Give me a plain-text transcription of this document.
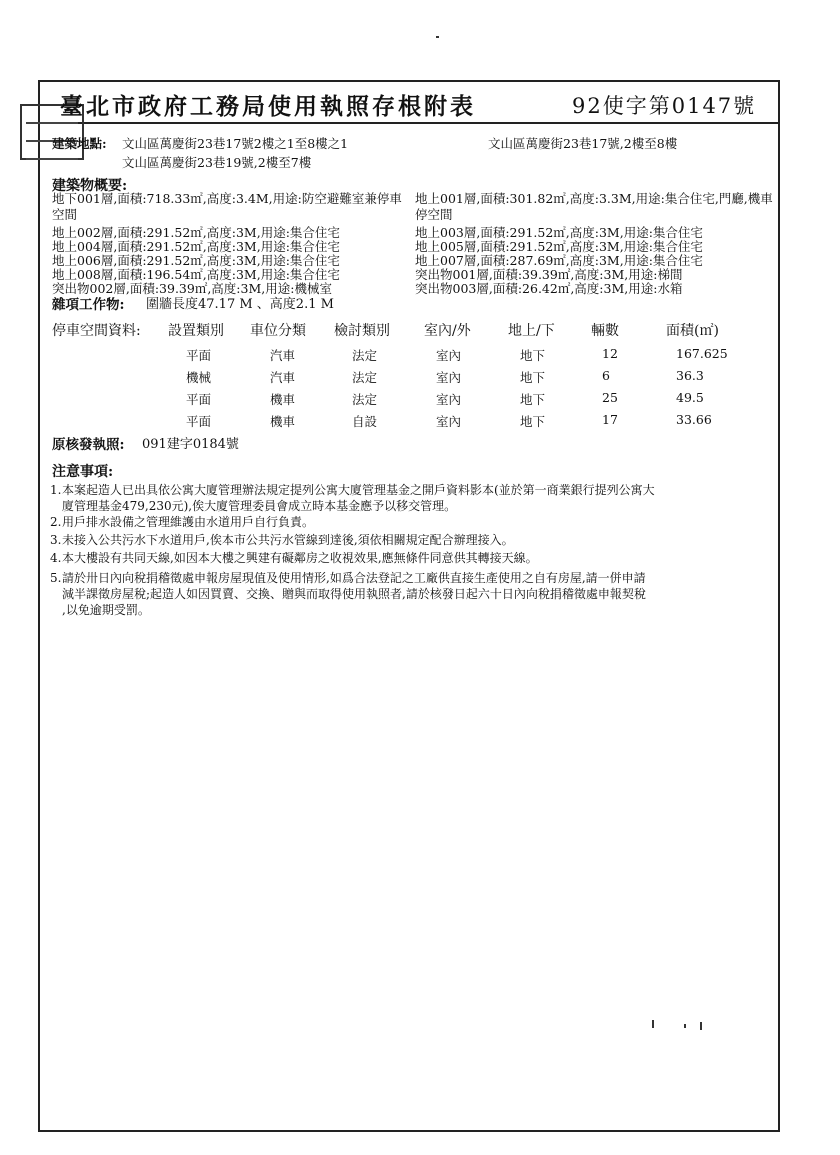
臺北市政府工務局使用執照存根附表	92使字第0147號
建築地點: 文山區萬慶街23巷17號2樓之1至8樓之1
文山區萬慶街23巷19號,2樓至7樓
文山區萬慶街23巷17號,2樓至8樓
建築物概要:
地下001層,面積:718.33㎡,高度:3.4M,用途:防空避難室兼停車
空間
地上002層,面積:291.52㎡,高度:3M,用途:集合住宅
地上004層,面積:291.52㎡,高度:3M,用途:集合住宅
地上006層,面積:291.52㎡,高度:3M,用途:集合住宅
地上008層,面積:196.54㎡,高度:3M,用途:集合住宅
突出物002層,面積:39.39㎡,高度:3M,用途:機械室
地上001層,面積:301.82㎡,高度:3.3M,用途:集合住宅,門廳,機車
停空間
地上003層,面積:291.52㎡,高度:3M,用途:集合住宅
地上005層,面積:291.52㎡,高度:3M,用途:集合住宅
地上007層,面積:287.69㎡,高度:3M,用途:集合住宅
突出物001層,面積:39.39㎡,高度:3M,用途:梯間
突出物003層,面積:26.42㎡,高度:3M,用途:水箱
雜項工作物: 圍牆長度47.17 M 、高度2.1 M
停車空間資料: 設置類別 車位分類 檢討類別 室內/外	地上/下	輛數	面積(㎡)
平面	汽車	法定	室內	地下	12	167.625
機械	汽車	法定	室內	地下	6	36.3
平面	機車	法定	室內	地下	25	49.5
平面	機車	自設	室內	地下	17	33.66
原核發執照: 091建字0184號
注意事項:
1. 本案起造人已出具依公寓大廈管理辦法規定提列公寓大廈管理基金之開戶資料影本(並於第一商業銀行提列公寓大
廈管理基金479,230元),俟大廈管理委員會成立時本基金應予以移交管理。
2. 用戶排水設備之管理維護由水道用戶自行負責。
3. 未接入公共污水下水道用戶,俟本市公共污水管線到達後,須依相關規定配合辦理接入。
4. 本大樓設有共同天線,如因本大樓之興建有礙鄰房之收視效果,應無條件同意供其轉接天線。
5. 請於卅日內向稅捐稽徵處申報房屋現值及使用情形,如爲合法登記之工廠供直接生產使用之自有房屋,請一併申請
減半課徵房屋稅;起造人如因買賣、交換、贈與而取得使用執照者,請於核發日起六十日內向稅捐稽徵處申報契稅
,以免逾期受罰。
